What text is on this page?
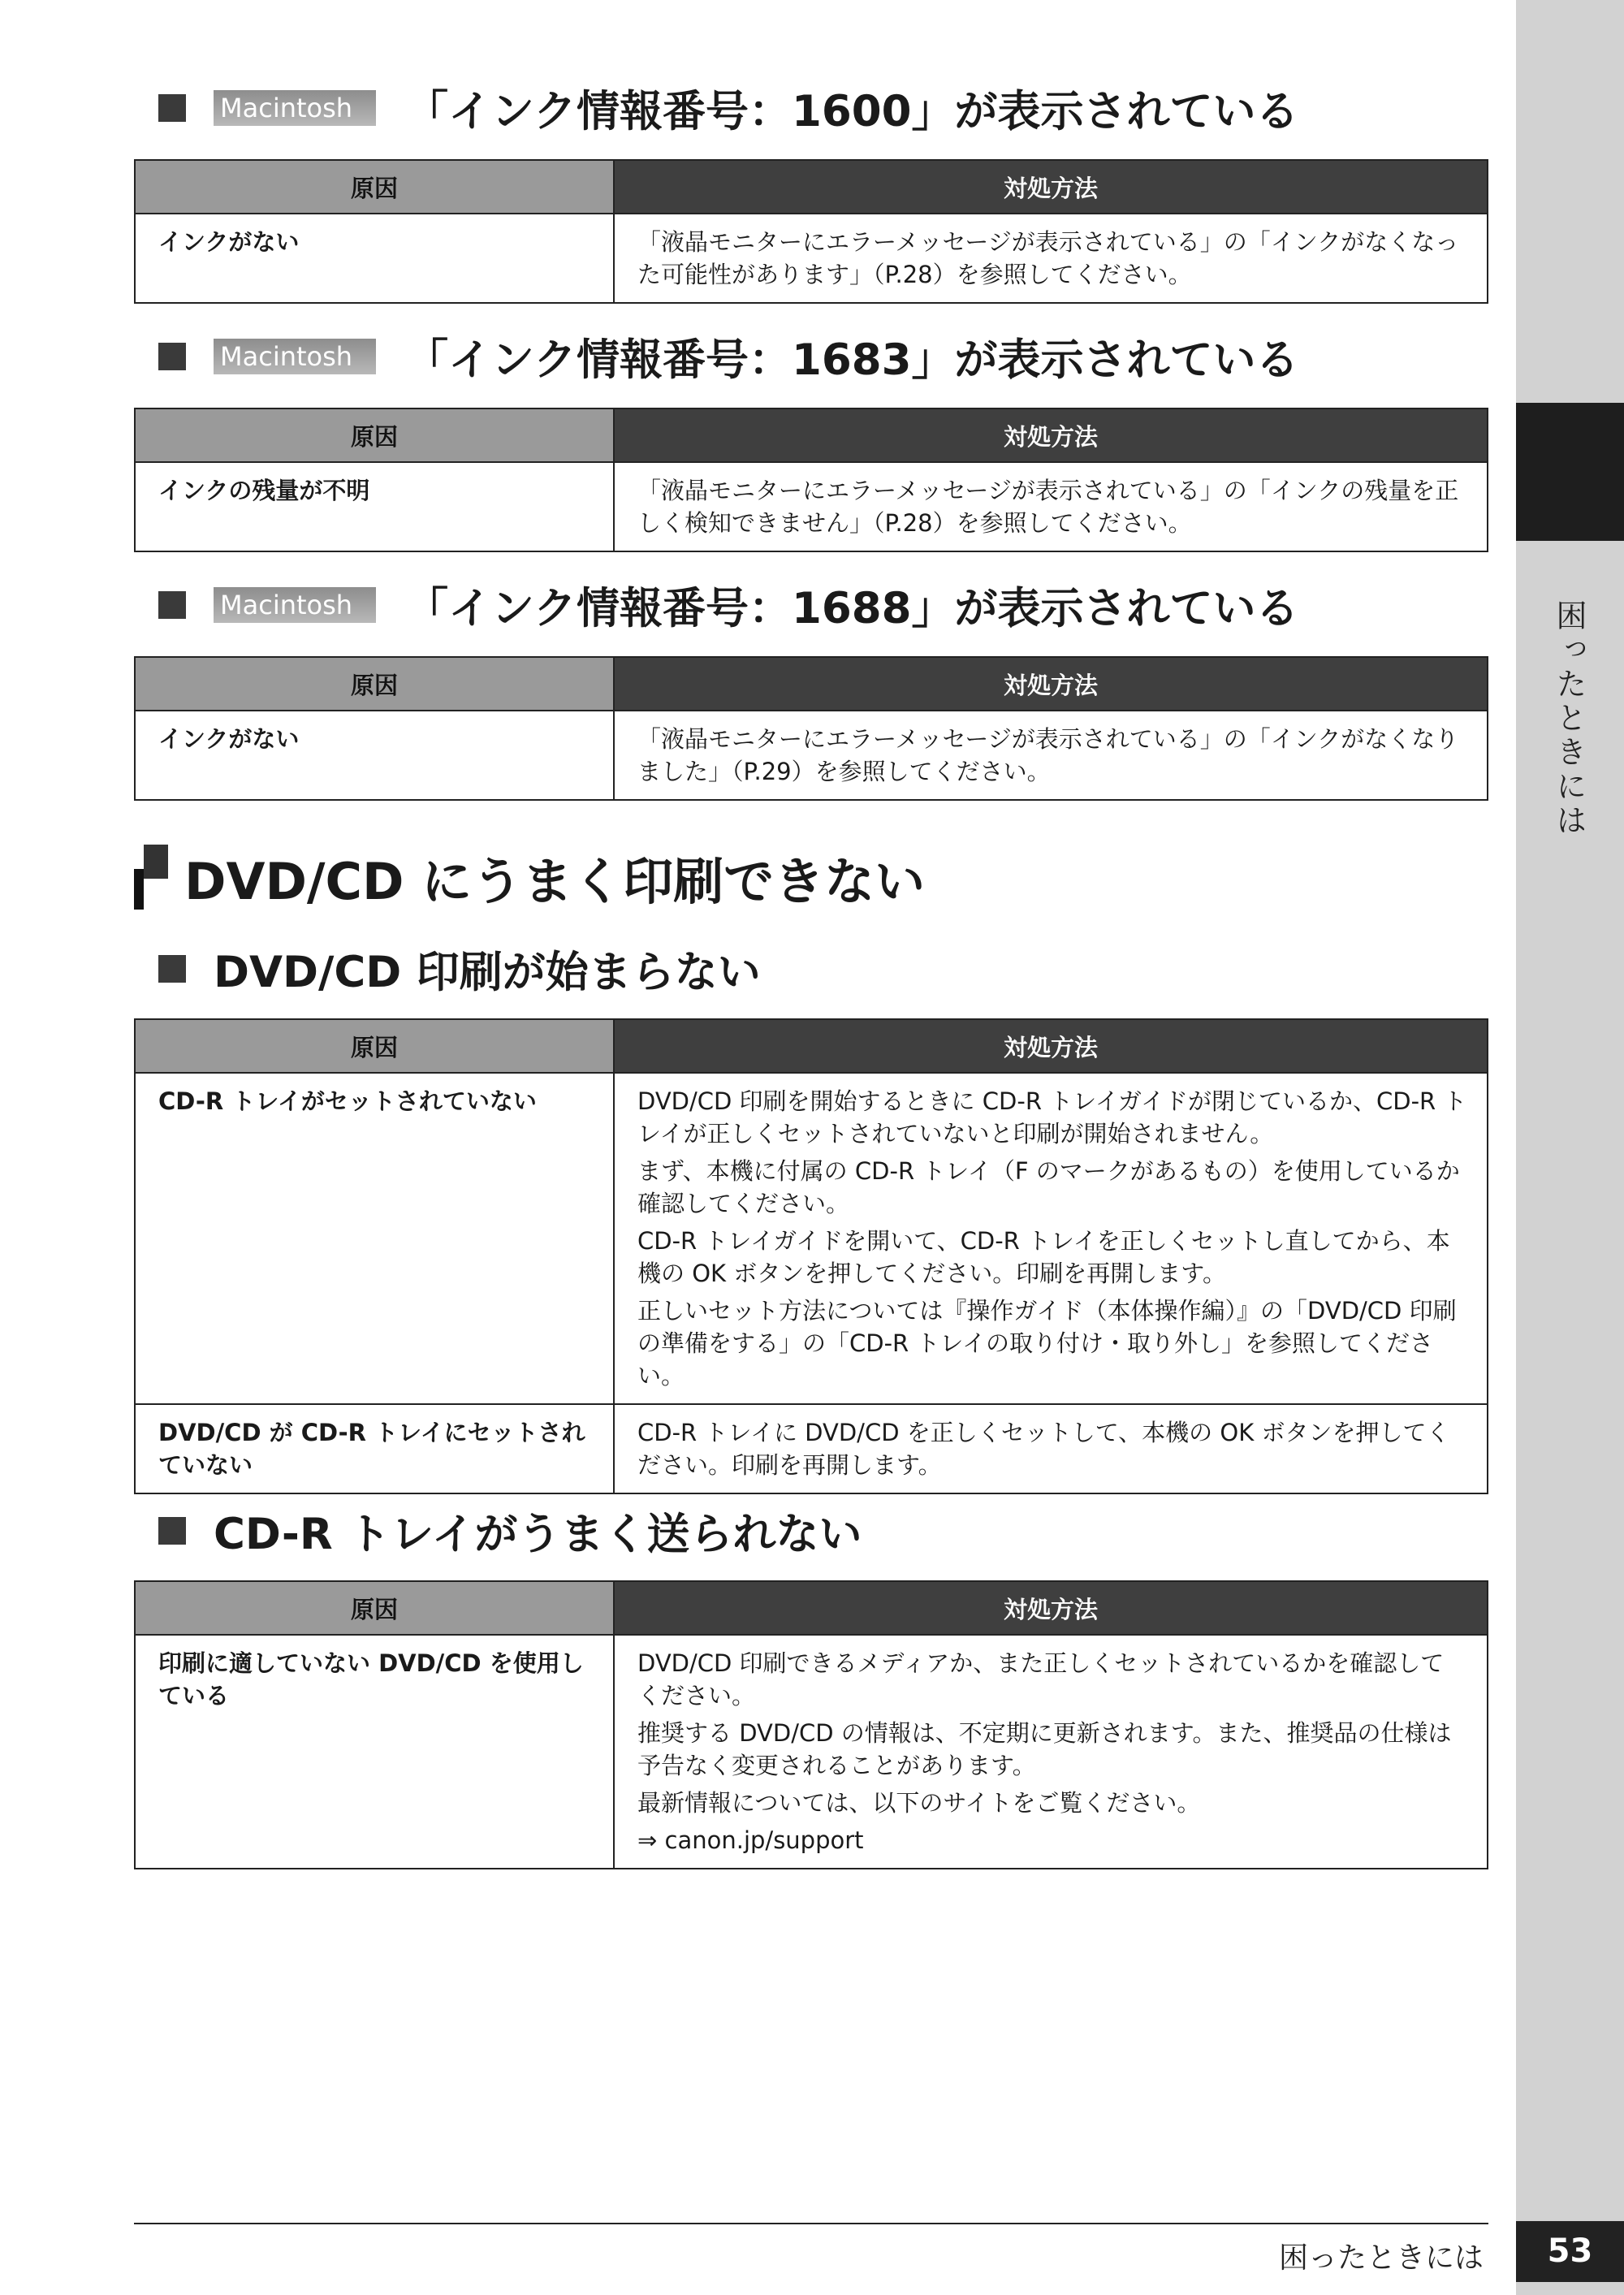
困ったときには
Macintosh	「インク情報番号：1600」が表示されている
原因	対処方法
インクがない	「液晶モニターにエラーメッセージが表示されている」の「インクがなくなった可能性があります」（P.28）を参照してください。

Macintosh	「インク情報番号：1683」が表示されている
原因	対処方法
インクの残量が不明	「液晶モニターにエラーメッセージが表示されている」の「インクの残量を正しく検知できません」（P.28）を参照してください。

Macintosh	「インク情報番号：1688」が表示されている
原因	対処方法
インクがない	「液晶モニターにエラーメッセージが表示されている」の「インクがなくなりました」（P.29）を参照してください。

DVD/CD にうまく印刷できない
DVD/CD 印刷が始まらない
原因	対処方法
CD-R トレイがセットされていない	DVD/CD 印刷を開始するときに CD-R トレイガイドが閉じているか、CD-R トレイが正しくセットされていないと印刷が開始されません。

まず、本機に付属の CD-R トレイ（F のマークがあるもの）を使用しているか確認してください。

CD-R トレイガイドを開いて、CD-R トレイを正しくセットし直してから、本機の OK ボタンを押してください。印刷を再開します。

正しいセット方法については『操作ガイド（本体操作編）』の「DVD/CD 印刷の準備をする」の「CD-R トレイの取り付け・取り外し」を参照してください。

DVD/CD が CD-R トレイにセットされていない	CD-R トレイに DVD/CD を正しくセットして、本機の OK ボタンを押してください。印刷を再開します。

CD-R トレイがうまく送られない
原因	対処方法
印刷に適していない DVD/CD を使用している	DVD/CD 印刷できるメディアか、また正しくセットされているかを確認してください。

推奨する DVD/CD の情報は、不定期に更新されます。また、推奨品の仕様は予告なく変更されることがあります。

最新情報については、以下のサイトをご覧ください。

⇒ canon.jp/support

困ったときには	53
